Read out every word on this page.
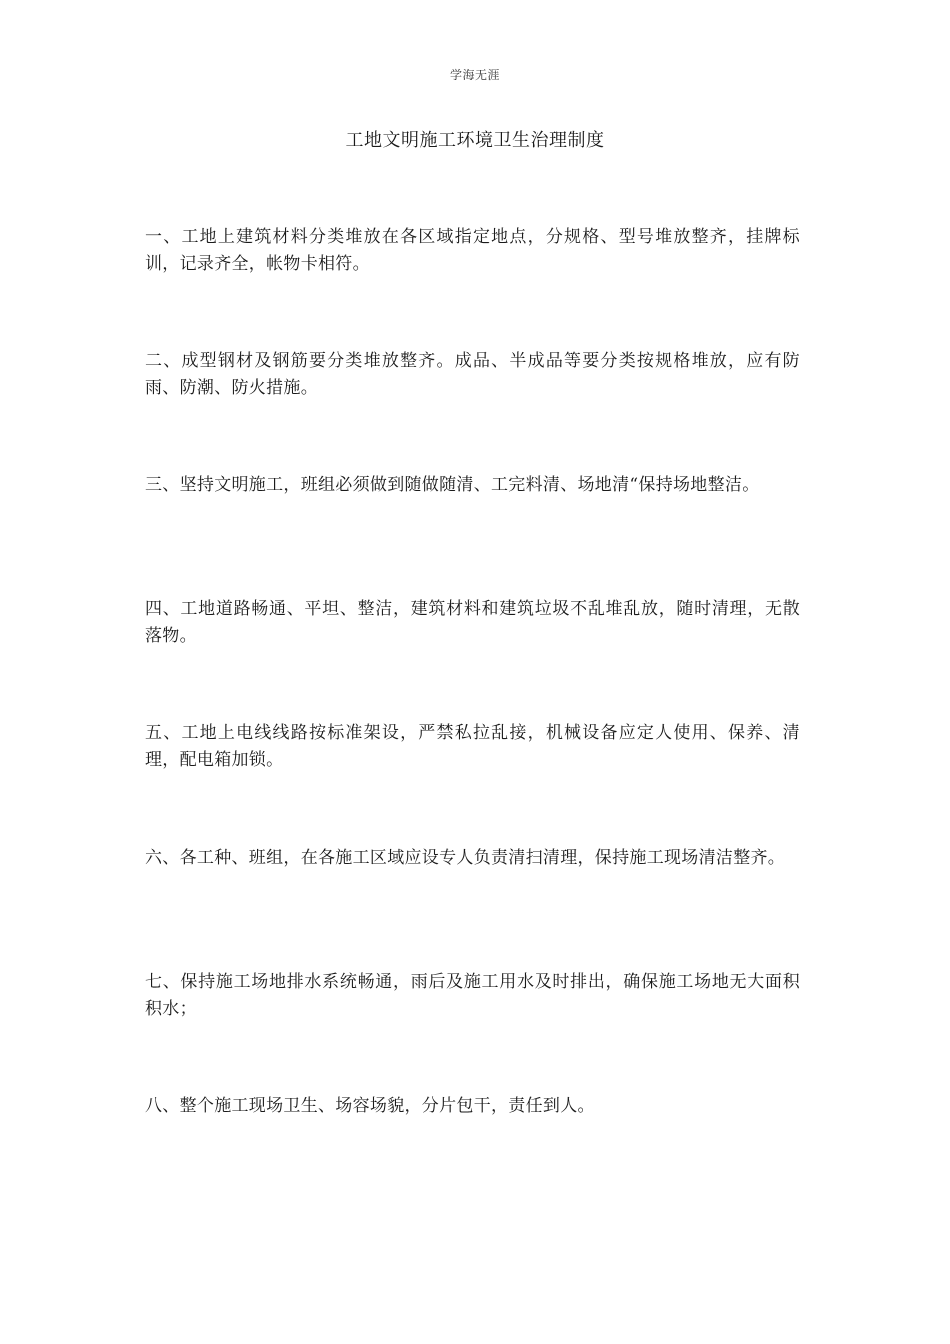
学海无涯
工地文明施工环境卫生治理制度

一、工地上建筑材料分类堆放在各区域指定地点，分规格、型号堆放整齐，挂牌标训，记录齐全，帐物卡相符。

二、成型钢材及钢筋要分类堆放整齐。成品、半成品等要分类按规格堆放，应有防雨、防潮、防火措施。

三、坚持文明施工，班组必须做到随做随清、工完料清、场地清“保持场地整洁。

四、工地道路畅通、平坦、整洁，建筑材料和建筑垃圾不乱堆乱放，随时清理，无散落物。

五、工地上电线线路按标准架设，严禁私拉乱接，机械设备应定人使用、保养、清理，配电箱加锁。

六、各工种、班组，在各施工区域应设专人负责清扫清理，保持施工现场清洁整齐。

七、保持施工场地排水系统畅通，雨后及施工用水及时排出，确保施工场地无大面积积水；

八、整个施工现场卫生、场容场貌，分片包干，责任到人。
